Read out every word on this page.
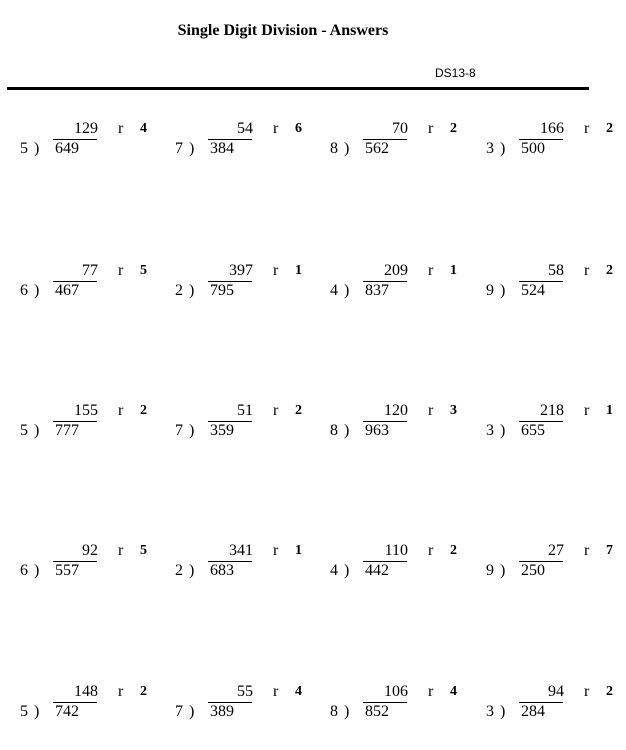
Single Digit Division - Answers
DS13-8
129 r 4
5 ) 649
54 r 6
7 ) 384
70 r 2
8 ) 562
166 r 2
3 ) 500
77 r 5
6 ) 467
397 r 1
2 ) 795
209 r 1
4 ) 837
58 r 2
9 ) 524
155 r 2
5 ) 777
51 r 2
7 ) 359
120 r 3
8 ) 963
218 r 1
3 ) 655
92 r 5
6 ) 557
341 r 1
2 ) 683
110 r 2
4 ) 442
27 r 7
9 ) 250
148 r 2
5 ) 742
55 r 4
7 ) 389
106 r 4
8 ) 852
94 r 2
3 ) 284
